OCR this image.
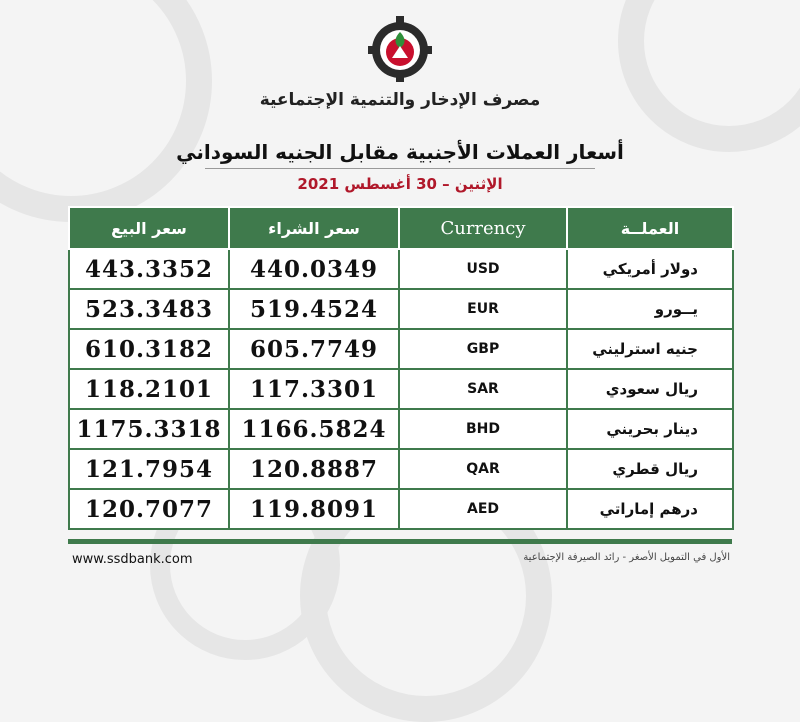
مصرف الإدخار والتنمية الإجتماعية
أسعار العملات الأجنبية مقابل الجنيه السوداني
الإثنين – 30 أغسطس 2021
سعر البيع	سعر الشراء	Currency	العملــة
443.3352	440.0349	USD	دولار أمريكي
523.3483	519.4524	EUR	يــورو
610.3182	605.7749	GBP	جنيه استرليني
118.2101	117.3301	SAR	ريال سعودي
1175.3318	1166.5824	BHD	دينار بحريني
121.7954	120.8887	QAR	ريال قطري
120.7077	119.8091	AED	درهم إماراتي
www.ssdbank.com	الأول في التمويل الأصغر - رائد الصيرفة الإجتماعية
